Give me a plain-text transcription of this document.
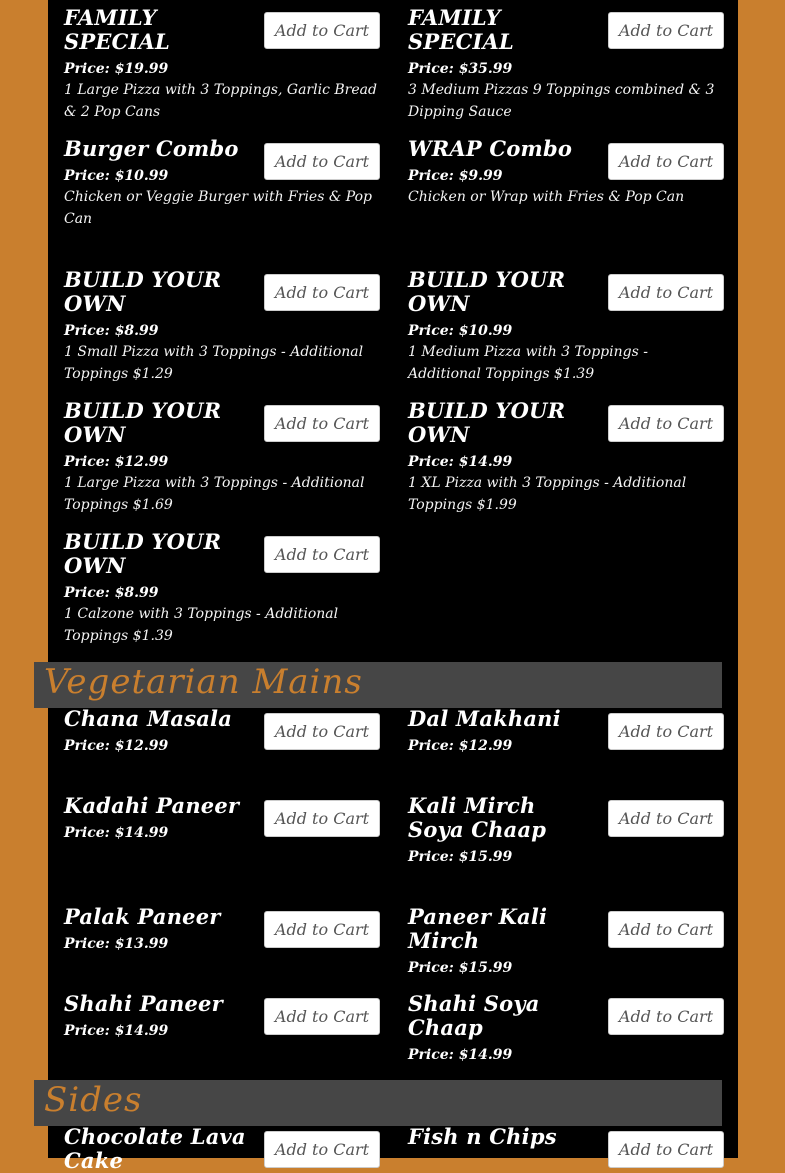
FAMILY SPECIAL
Price: $19.99
1 Large Pizza with 3 Toppings, Garlic Bread & 2 Pop Cans
Add to Cart
FAMILY SPECIAL
Price: $35.99
3 Medium Pizzas 9 Toppings combined & 3 Dipping Sauce
Add to Cart
Burger Combo
Price: $10.99
Chicken or Veggie Burger with Fries & Pop Can
Add to Cart
WRAP Combo
Price: $9.99
Chicken or Wrap with Fries & Pop Can
Add to Cart
BUILD YOUR OWN
Price: $8.99
1 Small Pizza with 3 Toppings - Additional Toppings $1.29
Add to Cart
BUILD YOUR OWN
Price: $10.99
1 Medium Pizza with 3 Toppings - Additional Toppings $1.39
Add to Cart
BUILD YOUR OWN
Price: $12.99
1 Large Pizza with 3 Toppings - Additional Toppings $1.69
Add to Cart
BUILD YOUR OWN
Price: $14.99
1 XL Pizza with 3 Toppings - Additional Toppings $1.99
Add to Cart
BUILD YOUR OWN
Price: $8.99
1 Calzone with 3 Toppings - Additional Toppings $1.39
Add to Cart
Vegetarian Mains
Chana Masala
Price: $12.99
Add to Cart
Dal Makhani
Price: $12.99
Add to Cart
Kadahi Paneer
Price: $14.99
Add to Cart
Kali Mirch Soya Chaap
Price: $15.99
Add to Cart
Palak Paneer
Price: $13.99
Add to Cart
Paneer Kali Mirch
Price: $15.99
Add to Cart
Shahi Paneer
Price: $14.99
Add to Cart
Shahi Soya Chaap
Price: $14.99
Add to Cart
Sides
Chocolate Lava Cake	Add to Cart
Fish n Chips
Add to Cart
